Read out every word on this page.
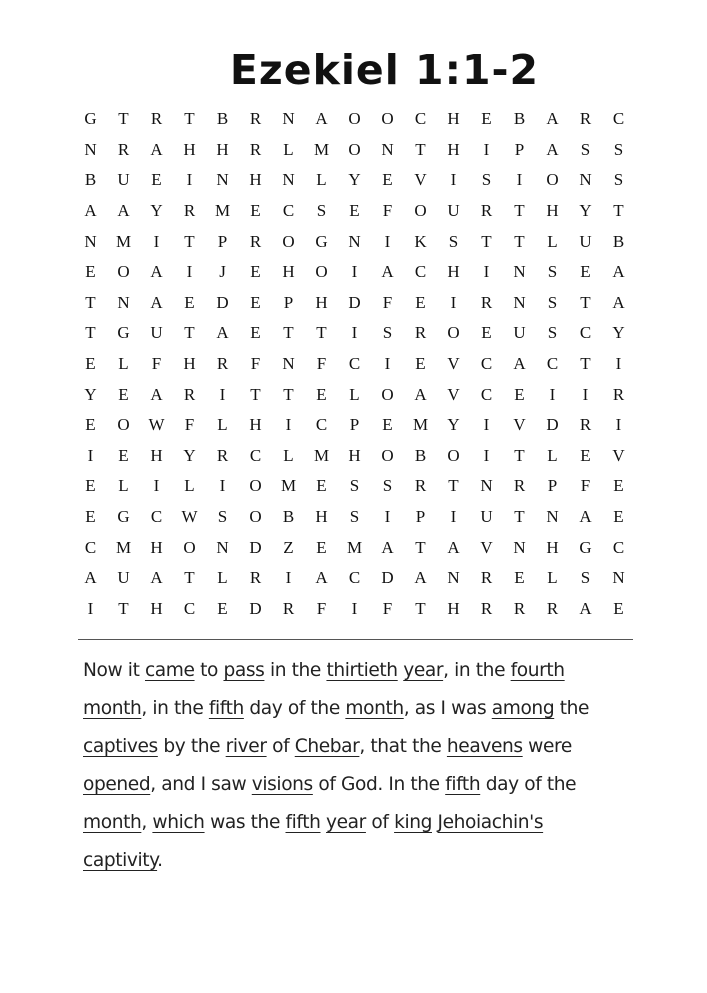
Ezekiel 1:1-2
G	T	R	T	B	R	N	A	O	O	C	H	E	B	A	R	C
N	R	A	H	H	R	L	M	O	N	T	H	I	P	A	S	S
B	U	E	I	N	H	N	L	Y	E	V	I	S	I	O	N	S
A	A	Y	R	M	E	C	S	E	F	O	U	R	T	H	Y	T
N	M	I	T	P	R	O	G	N	I	K	S	T	T	L	U	B
E	O	A	I	J	E	H	O	I	A	C	H	I	N	S	E	A
T	N	A	E	D	E	P	H	D	F	E	I	R	N	S	T	A
T	G	U	T	A	E	T	T	I	S	R	O	E	U	S	C	Y
E	L	F	H	R	F	N	F	C	I	E	V	C	A	C	T	I
Y	E	A	R	I	T	T	E	L	O	A	V	C	E	I	I	R
E	O	W	F	L	H	I	C	P	E	M	Y	I	V	D	R	I
I	E	H	Y	R	C	L	M	H	O	B	O	I	T	L	E	V
E	L	I	L	I	O	M	E	S	S	R	T	N	R	P	F	E
E	G	C	W	S	O	B	H	S	I	P	I	U	T	N	A	E
C	M	H	O	N	D	Z	E	M	A	T	A	V	N	H	G	C
A	U	A	T	L	R	I	A	C	D	A	N	R	E	L	S	N
I	T	H	C	E	D	R	F	I	F	T	H	R	R	R	A	E
Now it came to pass in the thirtieth year, in the fourth
month, in the fifth day of the month, as I was among the
captives by the river of Chebar, that the heavens were
opened, and I saw visions of God. In the fifth day of the
month, which was the fifth year of king Jehoiachin's
captivity.
